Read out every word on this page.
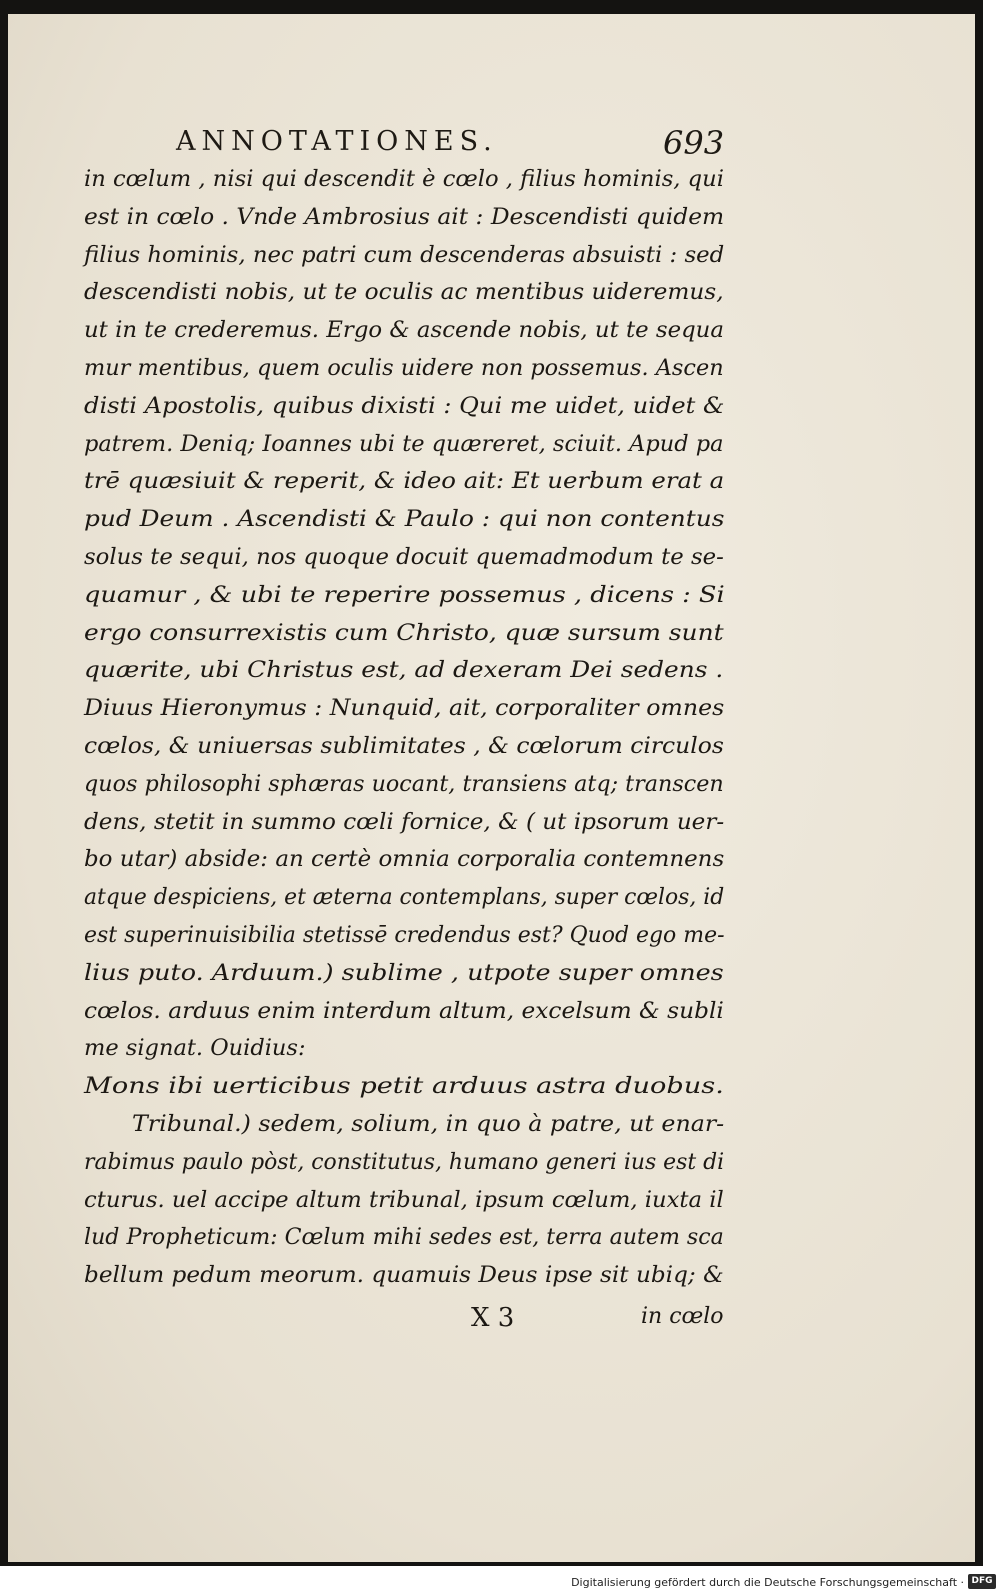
ANNOTATIONES.	693
in cœlum , nisi qui descendit è cœlo , filius hominis, qui
est in cœlo . Vnde Ambrosius ait : Descendisti quidem
filius hominis, nec patri cum descenderas absuisti : sed
descendisti nobis, ut te oculis ac mentibus uideremus,
ut in te crederemus. Ergo & ascende nobis, ut te sequa
mur mentibus, quem oculis uidere non possemus. Ascen
disti Apostolis, quibus dixisti : Qui me uidet, uidet &
patrem. Deniq; Ioannes ubi te quæreret, sciuit. Apud pa
trē quæsiuit & reperit, & ideo ait: Et uerbum erat a
pud Deum . Ascendisti & Paulo : qui non contentus
solus te sequi, nos quoque docuit quemadmodum te se-
quamur , & ubi te reperire possemus , dicens : Si
ergo consurrexistis cum Christo, quæ sursum sunt
quærite, ubi Christus est, ad dexeram Dei sedens .
Diuus Hieronymus : Nunquid, ait, corporaliter omnes
cœlos, & uniuersas sublimitates , & cœlorum circulos
quos philosophi sphæras uocant, transiens atq; transcen
dens, stetit in summo cœli fornice, & ( ut ipsorum uer-
bo utar) abside: an certè omnia corporalia contemnens
atque despiciens, et æterna contemplans, super cœlos, id
est superinuisibilia stetissē credendus est? Quod ego me-
lius puto. Arduum.) sublime , utpote super omnes
cœlos. arduus enim interdum altum, excelsum & subli
me signat. Ouidius:
Mons ibi uerticibus petit arduus astra duobus.
Tribunal.) sedem, solium, in quo à patre, ut enar-
rabimus paulo pòst, constitutus, humano generi ius est di
cturus. uel accipe altum tribunal, ipsum cœlum, iuxta il
lud Propheticum: Cœlum mihi sedes est, terra autem sca
bellum pedum meorum. quamuis Deus ipse sit ubiq; &
X 3	in cœlo
Digitalisierung gefördert durch die Deutsche Forschungsgemeinschaft · DFG
